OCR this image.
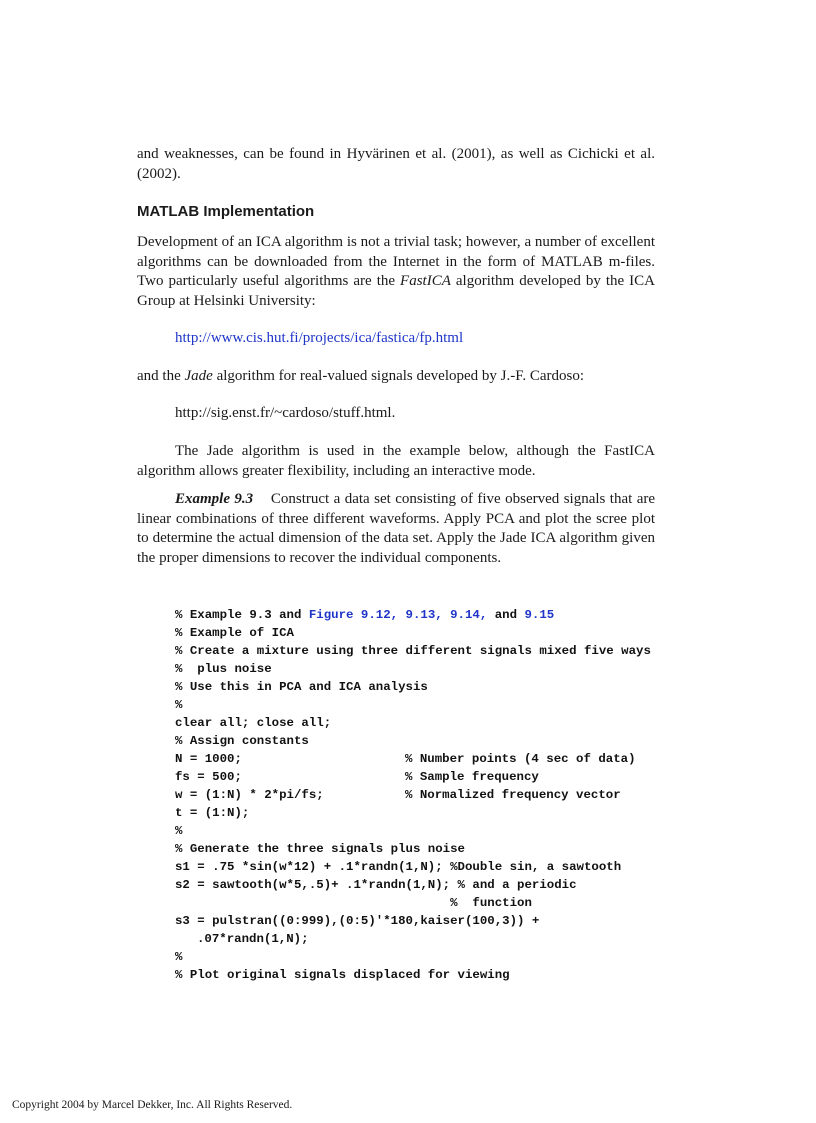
and weaknesses, can be found in Hyvärinen et al. (2001), as well as Cichicki et al. (2002).

MATLAB Implementation

Development of an ICA algorithm is not a trivial task; however, a number of excellent algorithms can be downloaded from the Internet in the form of MATLAB m-files. Two particularly useful algorithms are the FastICA algorithm developed by the ICA Group at Helsinki University:

http://www.cis.hut.fi/projects/ica/fastica/fp.html

and the Jade algorithm for real-valued signals developed by J.-F. Cardoso:

http://sig.enst.fr/~cardoso/stuff.html.

The Jade algorithm is used in the example below, although the FastICA algorithm allows greater flexibility, including an interactive mode.

Example 9.3 Construct a data set consisting of five observed signals that are linear combinations of three different waveforms. Apply PCA and plot the scree plot to determine the actual dimension of the data set. Apply the Jade ICA algorithm given the proper dimensions to recover the individual components.

% Example 9.3 and Figure 9.12, 9.13, 9.14, and 9.15
% Example of ICA
% Create a mixture using three different signals mixed five ways
%  plus noise
% Use this in PCA and ICA analysis
%
clear all; close all;
% Assign constants
N = 1000;	% Number points (4 sec of data)
fs = 500;	% Sample frequency
w = (1:N) * 2*pi/fs;	% Normalized frequency vector
t = (1:N);
%
% Generate the three signals plus noise
s1 = .75 *sin(w*12) + .1*randn(1,N); %Double sin, a sawtooth
s2 = sawtooth(w*5,.5)+ .1*randn(1,N); % and a periodic
%  function
s3 = pulstran((0:999),(0:5)'*180,kaiser(100,3)) +
.07*randn(1,N);
%
% Plot original signals displaced for viewing
Copyright 2004 by Marcel Dekker, Inc. All Rights Reserved.
